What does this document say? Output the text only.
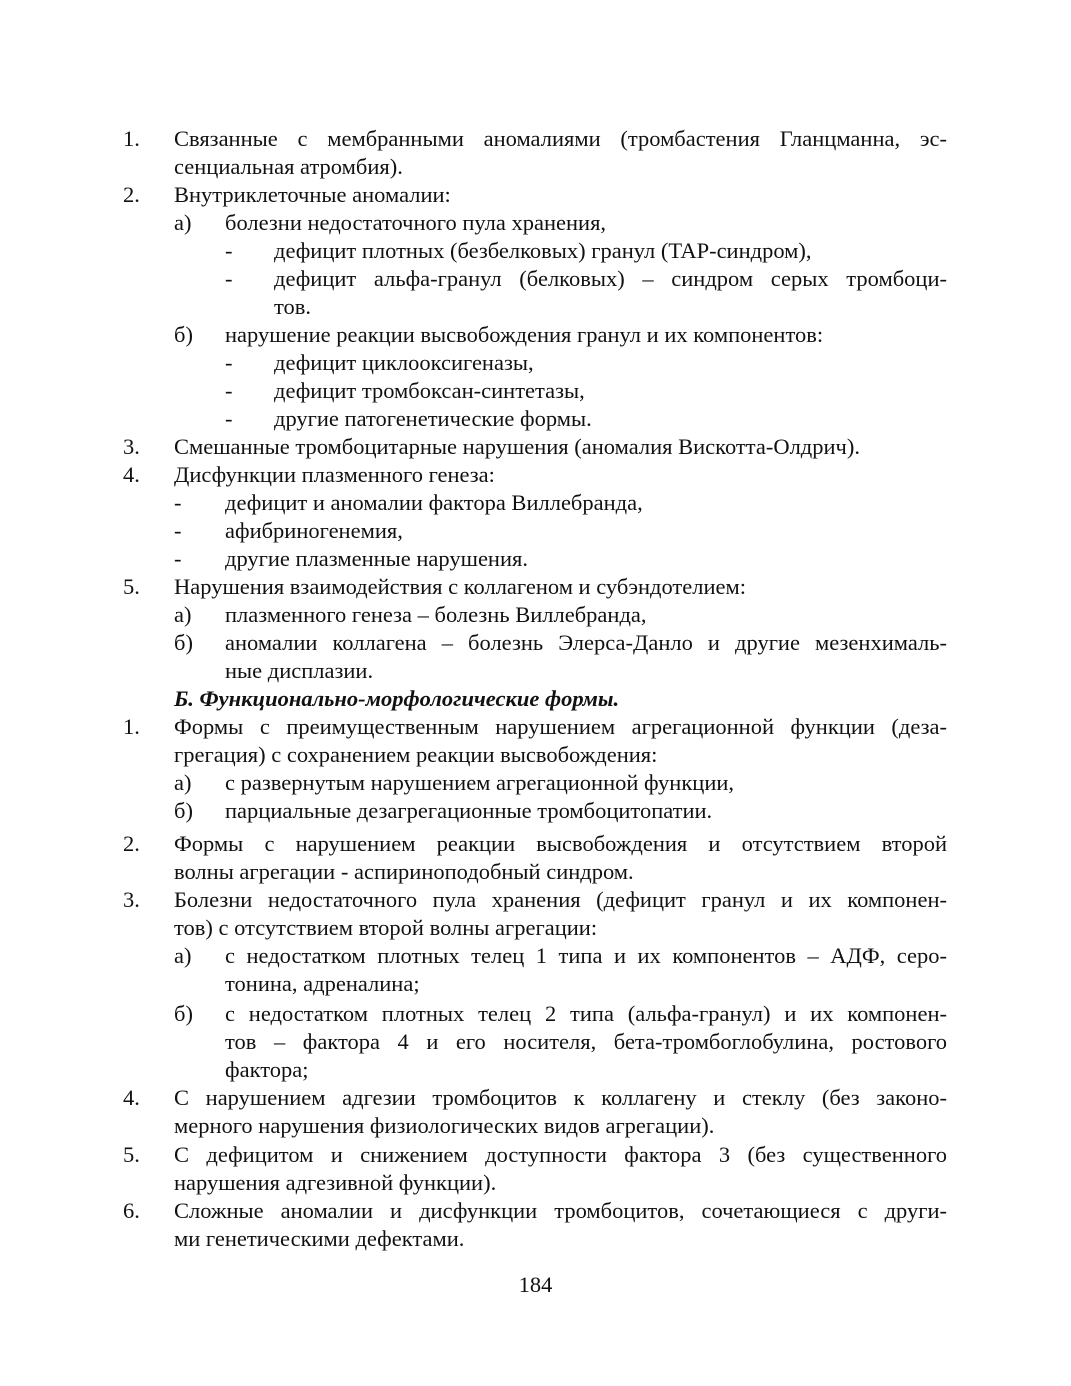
1. Связанные с мембранными аномалиями (тромбастения Гланцманна, эс-
сенциальная атромбия).
2. Внутриклеточные аномалии:
а) болезни недостаточного пула хранения,
- дефицит плотных (безбелковых) гранул (TAP-синдром),
- дефицит альфа-гранул (белковых) – синдром серых тромбоци-
тов.
б) нарушение реакции высвобождения гранул и их компонентов:
- дефицит циклооксигеназы,
- дефицит тромбоксан-синтетазы,
- другие патогенетические формы.
3. Смешанные тромбоцитарные нарушения (аномалия Вискотта-Олдрич).
4. Дисфункции плазменного генеза:
- дефицит и аномалии фактора Виллебранда,
- афибриногенемия,
- другие плазменные нарушения.
5. Нарушения взаимодействия с коллагеном и субэндотелием:
а) плазменного генеза – болезнь Виллебранда,
б) аномалии коллагена – болезнь Элерса-Данло и другие мезенхималь-
ные дисплазии.
Б. Функционально-морфологические формы.
1. Формы с преимущественным нарушением агрегационной функции (деза-
грегация) с сохранением реакции высвобождения:
а) с развернутым нарушением агрегационной функции,
б) парциальные дезагрегационные тромбоцитопатии.
2. Формы с нарушением реакции высвобождения и отсутствием второй
волны агрегации - аспириноподобный синдром.
3. Болезни недостаточного пула хранения (дефицит гранул и их компонен-
тов) с отсутствием второй волны агрегации:
а) с недостатком плотных телец 1 типа и их компонентов – АДФ, серо-
тонина, адреналина;
б) с недостатком плотных телец 2 типа (альфа-гранул) и их компонен-
тов – фактора 4 и его носителя, бета-тромбоглобулина, ростового
фактора;
4. С нарушением адгезии тромбоцитов к коллагену и стеклу (без законо-
мерного нарушения физиологических видов агрегации).
5. С дефицитом и снижением доступности фактора 3 (без существенного
нарушения адгезивной функции).
6. Сложные аномалии и дисфункции тромбоцитов, сочетающиеся с други-
ми генетическими дефектами.
184
